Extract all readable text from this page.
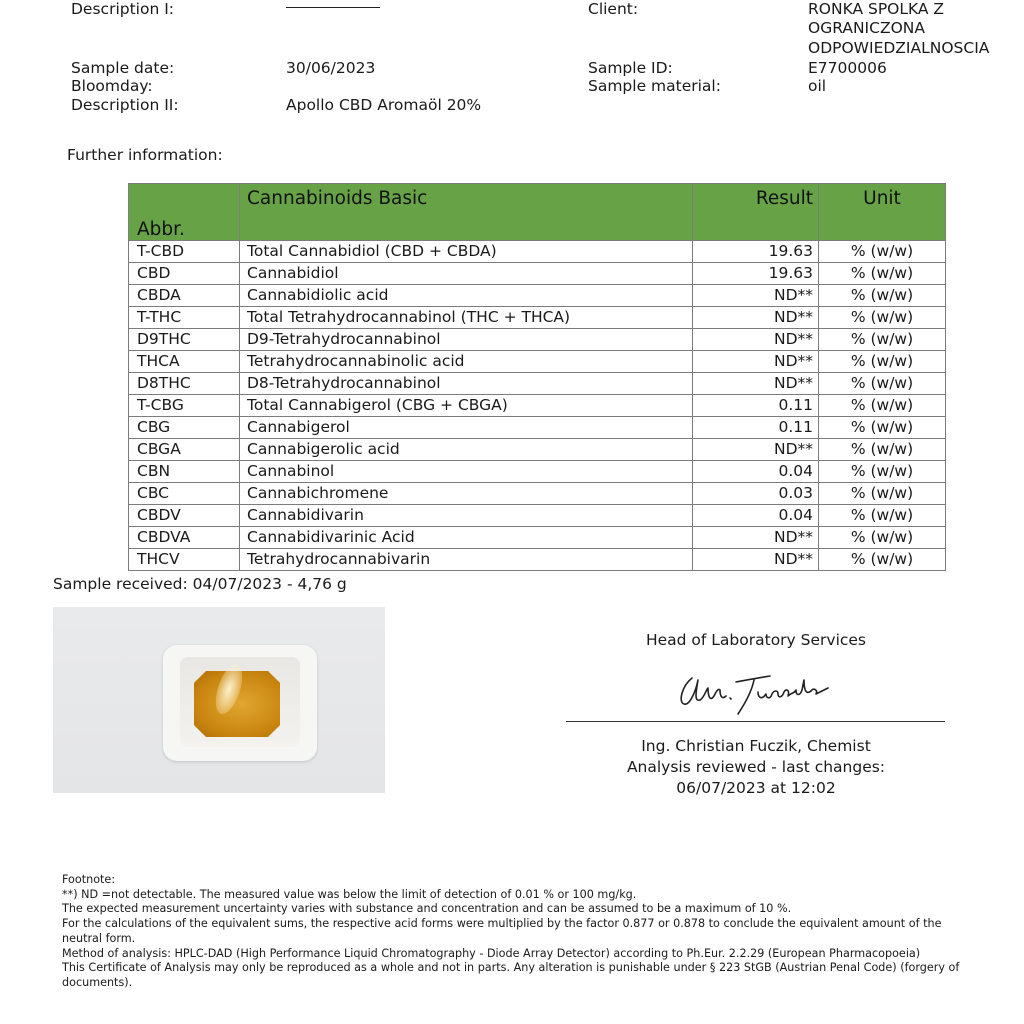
Description I:
Sample date:	30/06/2023
Bloomday:
Description II:	Apollo CBD Aromaöl 20%
Client:	RONKA SPOLKA Z
OGRANICZONA
ODPOWIEDZIALNOSCIA
Sample ID:	E7700006
Sample material:	oil
Further information:
Abbr.	Cannabinoids Basic	Result	Unit
T-CBD	Total Cannabidiol (CBD + CBDA)	19.63	% (w/w)
CBD	Cannabidiol	19.63	% (w/w)
CBDA	Cannabidiolic acid	ND**	% (w/w)
T-THC	Total Tetrahydrocannabinol (THC + THCA)	ND**	% (w/w)
D9THC	D9-Tetrahydrocannabinol	ND**	% (w/w)
THCA	Tetrahydrocannabinolic acid	ND**	% (w/w)
D8THC	D8-Tetrahydrocannabinol	ND**	% (w/w)
T-CBG	Total Cannabigerol (CBG + CBGA)	0.11	% (w/w)
CBG	Cannabigerol	0.11	% (w/w)
CBGA	Cannabigerolic acid	ND**	% (w/w)
CBN	Cannabinol	0.04	% (w/w)
CBC	Cannabichromene	0.03	% (w/w)
CBDV	Cannabidivarin	0.04	% (w/w)
CBDVA	Cannabidivarinic Acid	ND**	% (w/w)
THCV	Tetrahydrocannabivarin	ND**	% (w/w)
Sample received: 04/07/2023 - 4,76 g
Head of Laboratory Services
Ing. Christian Fuczik, Chemist
Analysis reviewed - last changes:
06/07/2023 at 12:02
Footnote:
**) ND =not detectable. The measured value was below the limit of detection of 0.01 % or 100 mg/kg.
The expected measurement uncertainty varies with substance and concentration and can be assumed to be a maximum of 10 %.
For the calculations of the equivalent sums, the respective acid forms were multiplied by the factor 0.877 or 0.878 to conclude the equivalent amount of the neutral form.
Method of analysis: HPLC-DAD (High Performance Liquid Chromatography - Diode Array Detector) according to Ph.Eur. 2.2.29 (European Pharmacopoeia)
This Certificate of Analysis may only be reproduced as a whole and not in parts. Any alteration is punishable under § 223 StGB (Austrian Penal Code) (forgery of documents).
